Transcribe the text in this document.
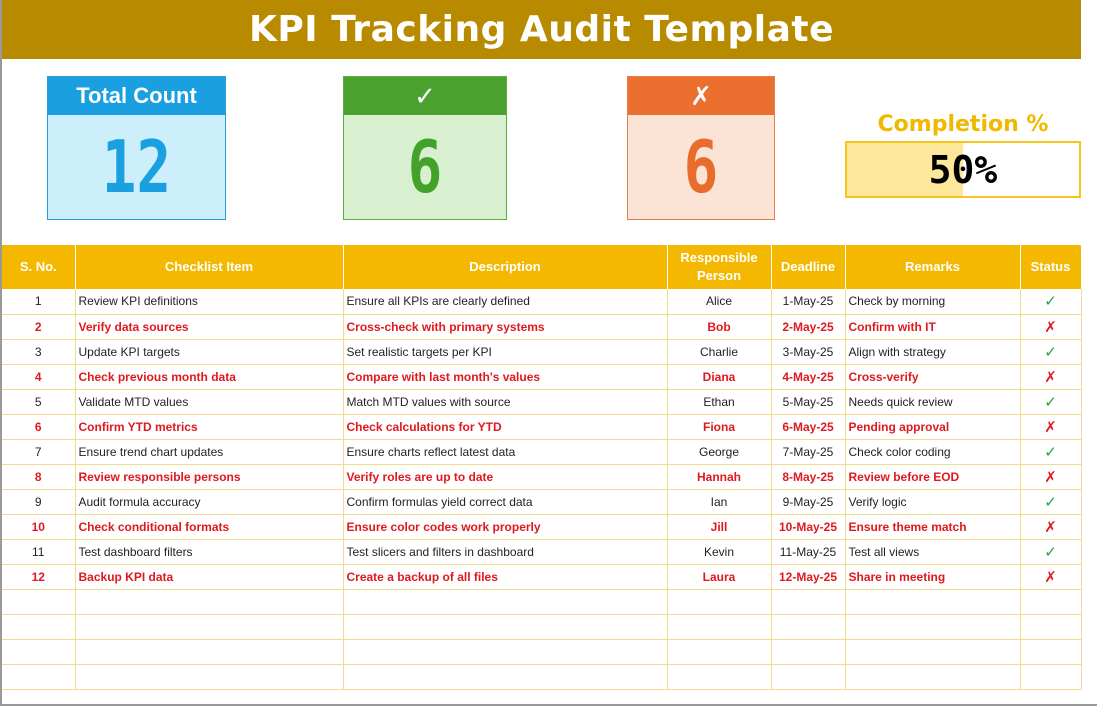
KPI Tracking Audit Template
Total Count
12
✓
6
✗
6
Completion %
50%
S. No.	Checklist Item	Description	Responsible Person	Deadline	Remarks	Status
1	Review KPI definitions	Ensure all KPIs are clearly defined	Alice	1-May-25	Check by morning	✓
2	Verify data sources	Cross-check with primary systems	Bob	2-May-25	Confirm with IT	✗
3	Update KPI targets	Set realistic targets per KPI	Charlie	3-May-25	Align with strategy	✓
4	Check previous month data	Compare with last month's values	Diana	4-May-25	Cross-verify	✗
5	Validate MTD values	Match MTD values with source	Ethan	5-May-25	Needs quick review	✓
6	Confirm YTD metrics	Check calculations for YTD	Fiona	6-May-25	Pending approval	✗
7	Ensure trend chart updates	Ensure charts reflect latest data	George	7-May-25	Check color coding	✓
8	Review responsible persons	Verify roles are up to date	Hannah	8-May-25	Review before EOD	✗
9	Audit formula accuracy	Confirm formulas yield correct data	Ian	9-May-25	Verify logic	✓
10	Check conditional formats	Ensure color codes work properly	Jill	10-May-25	Ensure theme match	✗
11	Test dashboard filters	Test slicers and filters in dashboard	Kevin	11-May-25	Test all views	✓
12	Backup KPI data	Create a backup of all files	Laura	12-May-25	Share in meeting	✗
